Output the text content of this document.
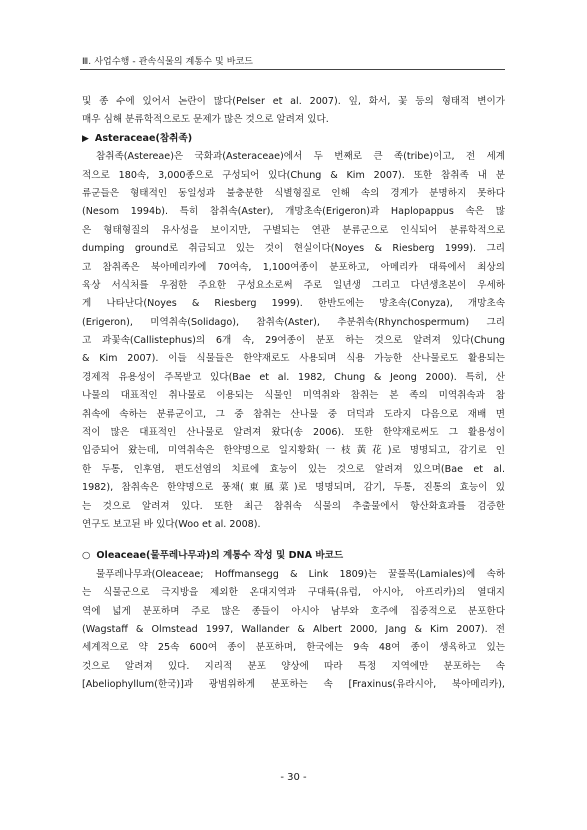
Ⅲ. 사업수행 - 관속식물의 계통수 및 바코드
및 종 수에 있어서 논란이 많다(Pelser et al. 2007). 잎, 화서, 꽃 등의 형태적 변이가
매우 심해 분류학적으로도 문제가 많은 것으로 알려져 있다.
▶ Asteraceae(참취족)
참취족(Astereae)은 국화과(Asteraceae)에서 두 번째로 큰 족(tribe)이고, 전 세계
적으로 180속, 3,000종으로 구성되어 있다(Chung & Kim 2007). 또한 참취족 내 분
류군들은 형태적인 동일성과 불충분한 식별형질로 인해 속의 경계가 분명하지 못하다
(Nesom 1994b). 특히 참취속(Aster), 개망초속(Erigeron)과 Haplopappus 속은 많
은 형태형질의 유사성을 보이지만, 구별되는 연관 분류군으로 인식되어 분류학적으로
dumping ground로 취급되고 있는 것이 현실이다(Noyes & Riesberg 1999). 그리
고 참취족은 북아메리카에 70여속, 1,100여종이 분포하고, 아메리카 대륙에서 최상의
육상 서식처를 우점한 주요한 구성요소로써 주로 일년생 그리고 다년생초본이 우세하
게 나타난다(Noyes & Riesberg 1999). 한반도에는 망초속(Conyza), 개망초속
(Erigeron), 미역취속(Solidago), 참취속(Aster), 추분취속(Rhynchospermum) 그리
고 과꽃속(Callistephus)의 6개 속, 29여종이 분포 하는 것으로 알려져 있다(Chung
& Kim 2007). 이들 식물들은 한약재로도 사용되며 식용 가능한 산나물로도 활용되는
경제적 유용성이 주목받고 있다(Bae et al. 1982, Chung & Jeong 2000). 특히, 산
나물의 대표적인 취나물로 이용되는 식물인 미역취와 참취는 본 족의 미역취속과 참
취속에 속하는 분류군이고, 그 중 참취는 산나물 중 더덕과 도라지 다음으로 재배 면
적이 많은 대표적인 산나물로 알려져 왔다(송 2006). 또한 한약재로써도 그 활용성이
입증되어 왔는데, 미역취속은 한약명으로 일지황화(一枝黃花)로 명명되고, 감기로 인
한 두통, 인후염, 편도선염의 치료에 효능이 있는 것으로 알려져 있으며(Bae et al.
1982), 참취속은 한약명으로 풍채(東風菜)로 명명되며, 감기, 두통, 진통의 효능이 있
는 것으로 알려져 있다. 또한 최근 참취속 식물의 추출물에서 항산화효과를 검증한
연구도 보고된 바 있다(Woo et al. 2008).
○ Oleaceae(물푸레나무과)의 계통수 작성 및 DNA 바코드
물푸레나무과(Oleaceae; Hoffmansegg & Link 1809)는 꿀풀목(Lamiales)에 속하
는 식물군으로 극지방을 제외한 온대지역과 구대륙(유럽, 아시아, 아프리카)의 열대지
역에 넓게 분포하며 주로 많은 종들이 아시아 남부와 호주에 집중적으로 분포한다
(Wagstaff & Olmstead 1997, Wallander & Albert 2000, Jang & Kim 2007). 전
세계적으로 약 25속 600여 종이 분포하며, 한국에는 9속 48여 종이 생육하고 있는
것으로 알려져 있다. 지리적 분포 양상에 따라 특정 지역에만 분포하는 속
[Abeliophyllum(한국)]과 광범위하게 분포하는 속 [Fraxinus(유라시아, 북아메리카),
- 30 -
